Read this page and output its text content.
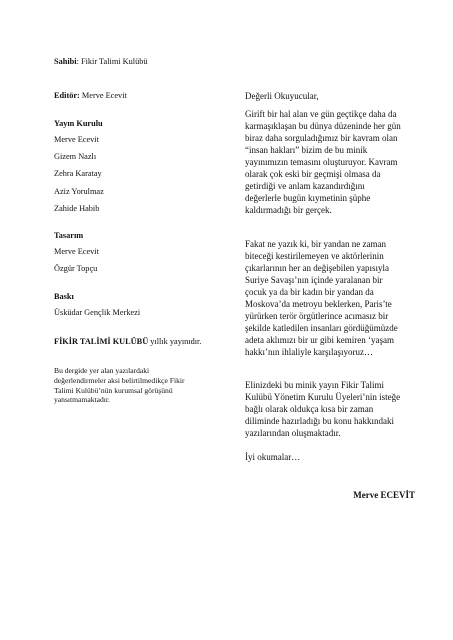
Sahibi: Fikir Talimi Kulübü
Editör: Merve Ecevit
Yayın Kurulu
Merve Ecevit
Gizem Nazlı
Zehra Karatay
Aziz Yorulmaz
Zahide Habib
Tasarım
Merve Ecevit
Özgür Topçu
Baskı
Üsküdar Gençlik Merkezi
FİKİR TALİMİ KULÜBÜ yıllık yayınıdır.
Bu dergide yer alan yazılardaki
değerlendirmeler aksi belirtilmedikçe Fikir
Talimi Kulübü’nün kurumsal görüşünü
yansıtmamaktadır.
Değerli Okuyucular,

Girift bir hal alan ve gün geçtikçe daha da

karmaşıklaşan bu dünya düzeninde her gün

biraz daha sorguladığımız bir kavram olan

“insan hakları” bizim de bu minik

yayınımızın temasını oluşturuyor. Kavram

olarak çok eski bir geçmişi olmasa da

getirdiği ve anlam kazandırdığını

değerlerle bugün kıymetinin şüphe

kaldırmadığı bir gerçek.

Fakat ne yazık ki, bir yandan ne zaman

biteceği kestirilemeyen ve aktörlerinin

çıkarlarının her an değişebilen yapısıyla

Suriye Savaşı’nın içinde yaralanan bir

çocuk ya da bir kadın bir yandan da

Moskova’da metroyu beklerken, Paris’te

yürürken terör örgütlerince acımasız bir

şekilde katledilen insanları gördüğümüzde

adeta aklımızı bir ur gibi kemiren ‘yaşam

hakkı’nın ihlaliyle karşılaşıyoruz…

Elinizdeki bu minik yayın Fikir Talimi

Kulübü Yönetim Kurulu Üyeleri’nin isteğe

bağlı olarak oldukça kısa bir zaman

diliminde hazırladığı bu konu hakkındaki

yazılarından oluşmaktadır.

İyi okumalar…
Merve ECEVİT
